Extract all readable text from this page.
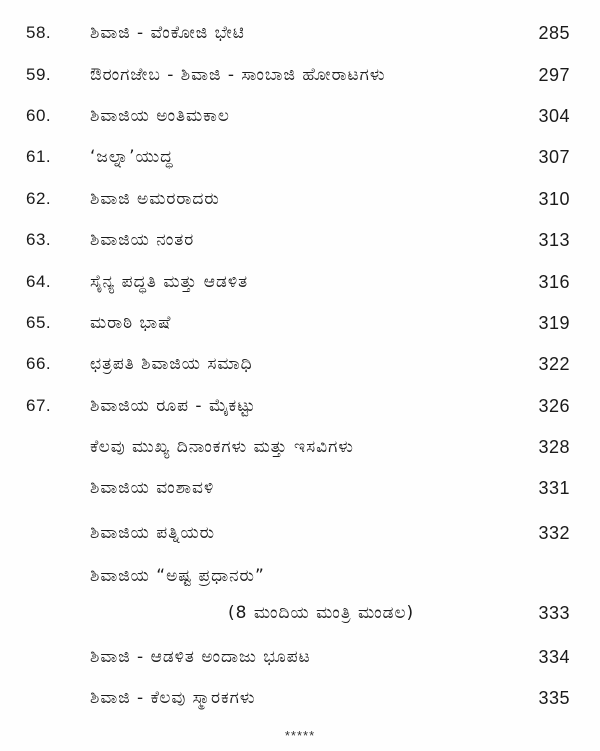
58. ಶಿವಾಜಿ - ವೆಂಕೋಜಿ ಭೇಟಿ	285
59. ಔರಂಗಜೇಬ - ಶಿವಾಜಿ - ಸಾಂಬಾಜಿ ಹೋರಾಟಗಳು	297
60. ಶಿವಾಜಿಯ ಅಂತಿಮಕಾಲ	304
61. ‘ಜಲ್ನಾ’ಯುದ್ಧ	307
62. ಶಿವಾಜಿ ಅಮರರಾದರು	310
63. ಶಿವಾಜಿಯ ನಂತರ	313
64. ಸೈನ್ಯ ಪದ್ಧತಿ ಮತ್ತು ಆಡಳಿತ	316
65. ಮರಾಠಿ ಭಾಷೆ	319
66. ಛತ್ರಪತಿ ಶಿವಾಜಿಯ ಸಮಾಧಿ	322
67. ಶಿವಾಜಿಯ ರೂಪ - ಮೈಕಟ್ಟು	326
ಕೆಲವು ಮುಖ್ಯ ದಿನಾಂಕಗಳು ಮತ್ತು ಇಸವಿಗಳು	328
ಶಿವಾಜಿಯ ವಂಶಾವಳಿ	331
ಶಿವಾಜಿಯ ಪತ್ನಿಯರು	332
ಶಿವಾಜಿಯ “ಅಷ್ಟ ಪ್ರಧಾನರು”
(8 ಮಂದಿಯ ಮಂತ್ರಿ ಮಂಡಲ)	333
ಶಿವಾಜಿ - ಆಡಳಿತ ಅಂದಾಜು ಭೂಪಟ	334
ಶಿವಾಜಿ - ಕೆಲವು ಸ್ಮಾರಕಗಳು	335
*****
